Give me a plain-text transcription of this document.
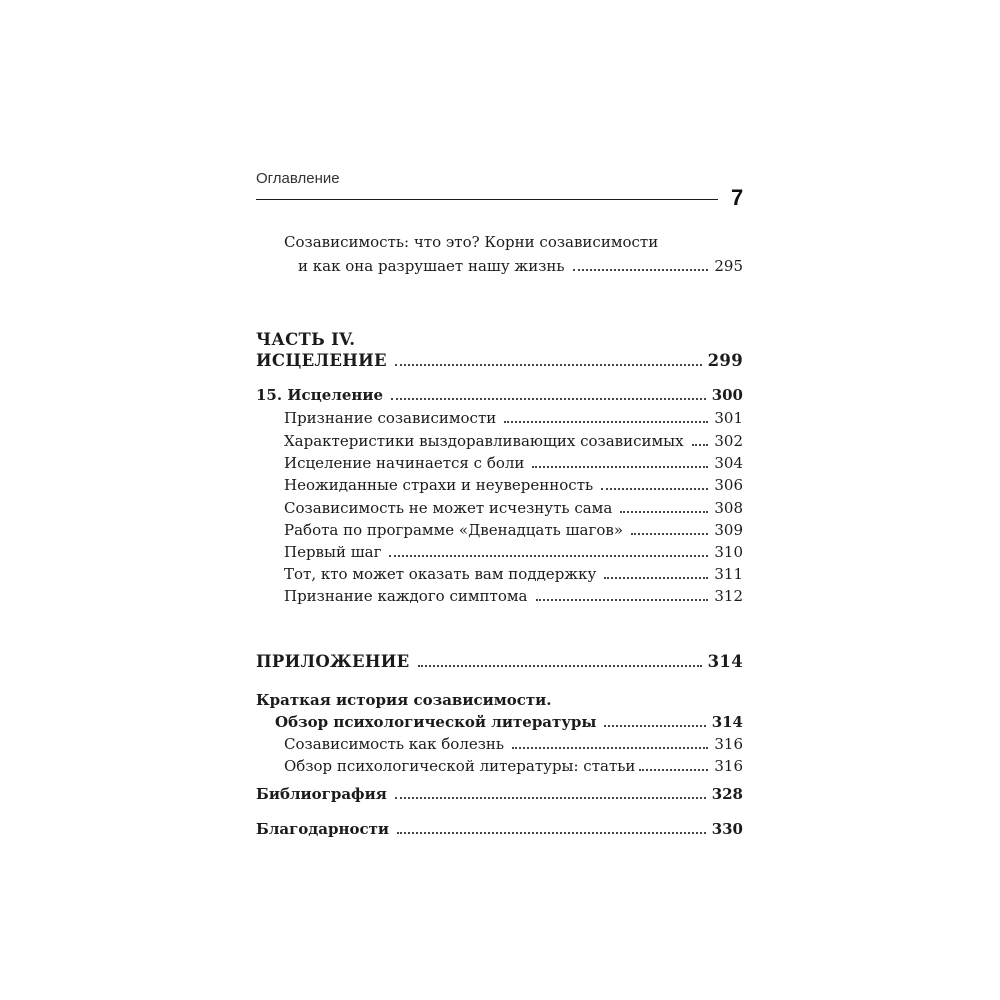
Оглавление
7
Созависимость: что это? Корни созависимости
и как она разрушает нашу жизнь	295
ЧАСТЬ IV.
ИСЦЕЛЕНИЕ	299
15. Исцеление	300
Признание созависимости	301
Характеристики выздоравливающих созависимых 302
Исцеление начинается с боли	304
Неожиданные страхи и неуверенность	306
Созависимость не может исчезнуть сама	308
Работа по программе «Двенадцать шагов»	309
Первый шаг	310
Тот, кто может оказать вам поддержку	311
Признание каждого симптома	312
ПРИЛОЖЕНИЕ	314
Краткая история созависимости.
Обзор психологической литературы	314
Созависимость как болезнь	316
Обзор психологической литературы: статьи	316
Библиография	328
Благодарности	330
